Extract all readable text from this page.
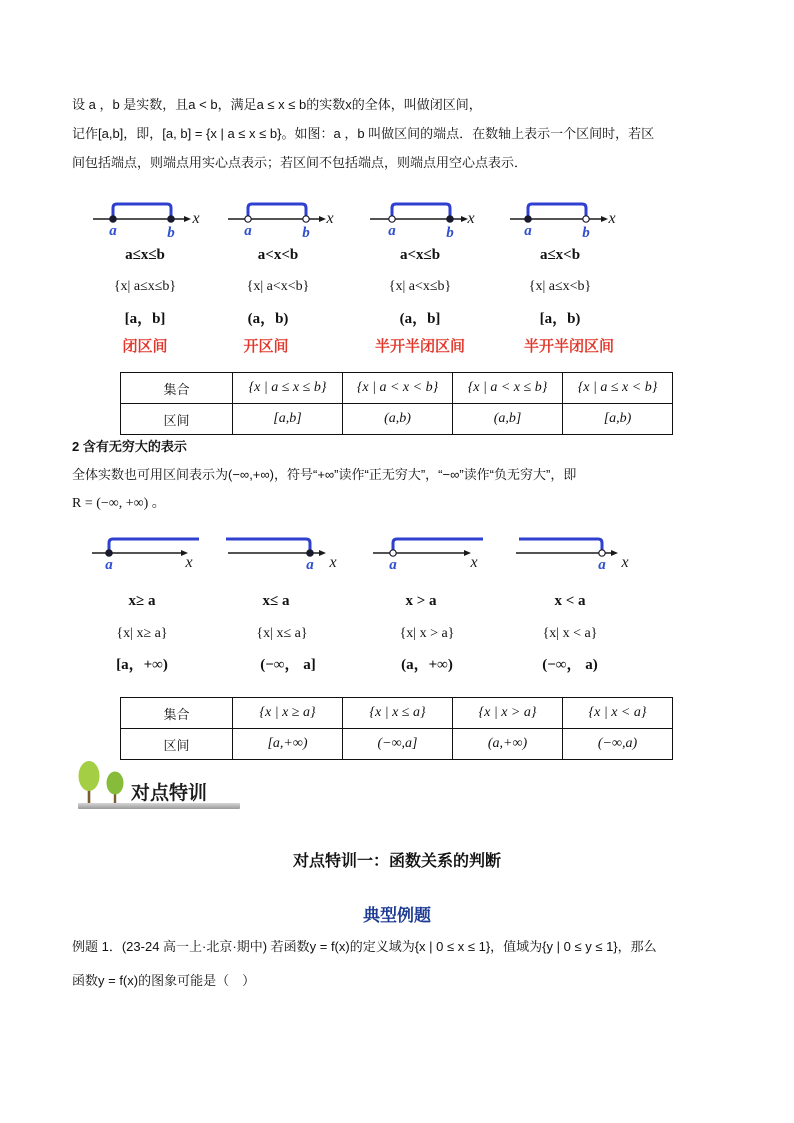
设 a ，b 是实数，且a < b，满足a ≤ x ≤ b的实数x的全体，叫做闭区间，
记作[a,b]，即，[a, b] = {x | a ≤ x ≤ b}。如图：a ，b 叫做区间的端点．在数轴上表示一个区间时，若区
间包括端点，则端点用实心点表示；若区间不包括端点，则端点用空心点表示．
a	b
x
a≤x≤b
{x| a≤x≤b}
[a，b]
闭区间
a	b
x
a<x<b
{x| a<x<b}
(a，b)
开区间
a	b
x
a<x≤b
{x| a<x≤b}
(a，b]
半开半闭区间
a	b
x
a≤x<b
{x| a≤x<b}
[a，b)
半开半闭区间
集合	{x | a ≤ x ≤ b}	{x | a < x < b}	{x | a < x ≤ b}	{x | a ≤ x < b}
区间	[a,b]	(a,b)	(a,b]	[a,b)
2 含有无穷大的表示
全体实数也可用区间表示为(−∞,+∞)，符号“+∞”读作“正无穷大”，“−∞”读作“负无穷大”，即
R = (−∞, +∞) 。
a	x
x≥ a
{x| x≥ a}
[a，+∞)
a x
x≤ a
{x| x≤ a}
(−∞， a]
a	x
x > a
{x| x > a}
(a，+∞)
a x
x < a
{x| x < a}
(−∞， a)
集合	{x | x ≥ a}	{x | x ≤ a}	{x | x > a}	{x | x < a}
区间	[a,+∞)	(−∞,a]	(a,+∞)	(−∞,a)
对点特训
对点特训一：函数关系的判断
典型例题
例题 1．(23-24 高一上·北京·期中) 若函数y = f(x)的定义域为{x | 0 ≤ x ≤ 1}，值域为{y | 0 ≤ y ≤ 1}，那么
函数y = f(x)的图象可能是（　）
